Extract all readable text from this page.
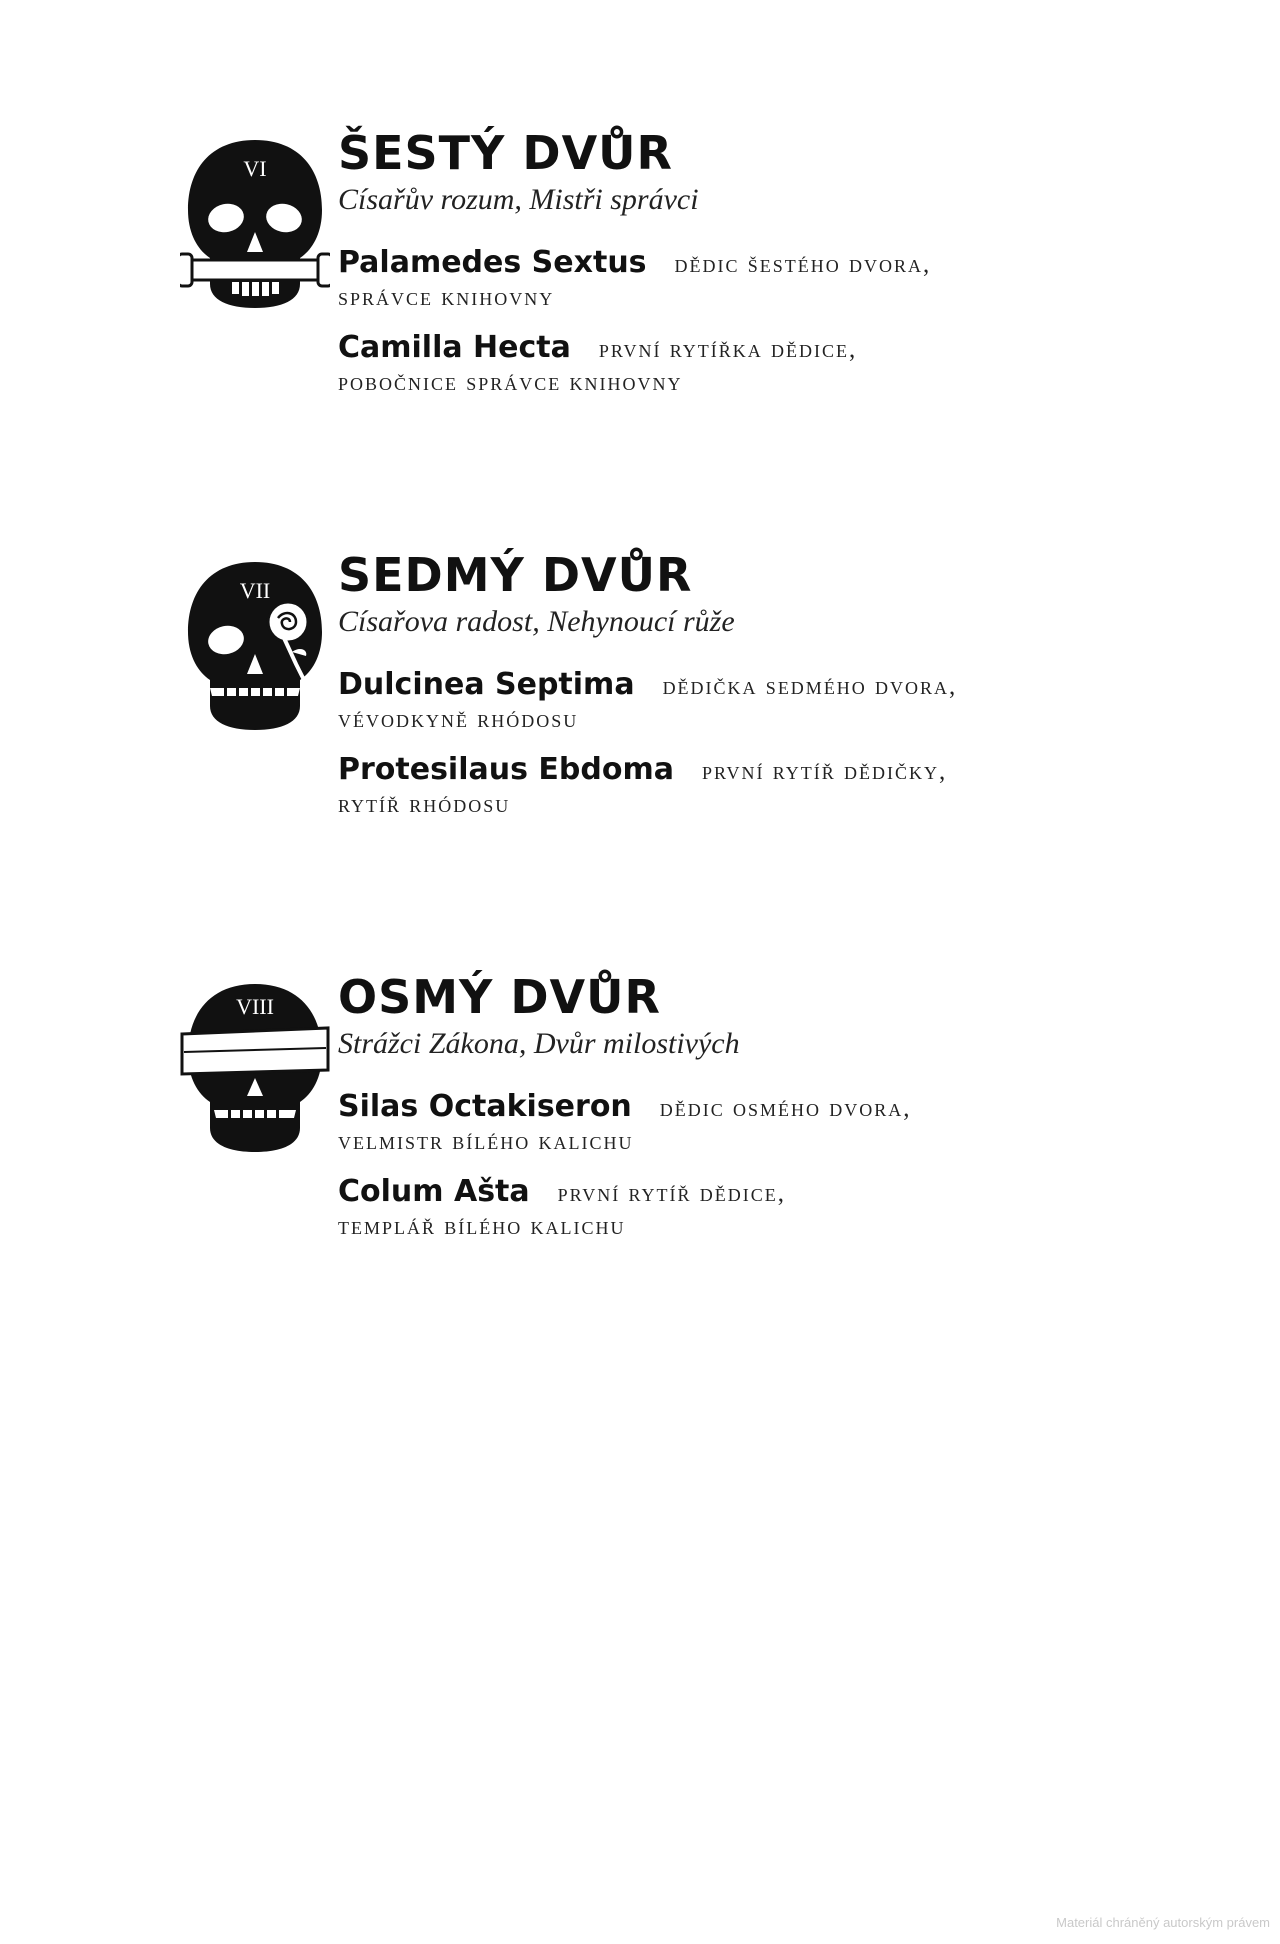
VI ŠESTÝ DVŮR

Císařův rozum, Mistři správci

Palamedes Sextus dědic šestého dvora,
správce knihovny
Camilla Hecta první rytířka dědice,
pobočnice správce knihovny
VII SEDMÝ DVŮR

Císařova radost, Nehynoucí růže

Dulcinea Septima dědička sedmého dvora,
vévodkyně rhódosu
Protesilaus Ebdoma první rytíř dědičky,
rytíř rhódosu
VIII OSMÝ DVŮR

Strážci Zákona, Dvůr milostivých

Silas Octakiseron dědic osmého dvora,
velmistr bílého kalichu
Colum Ašta první rytíř dědice,
templář bílého kalichu
Materiál chráněný autorským právem
